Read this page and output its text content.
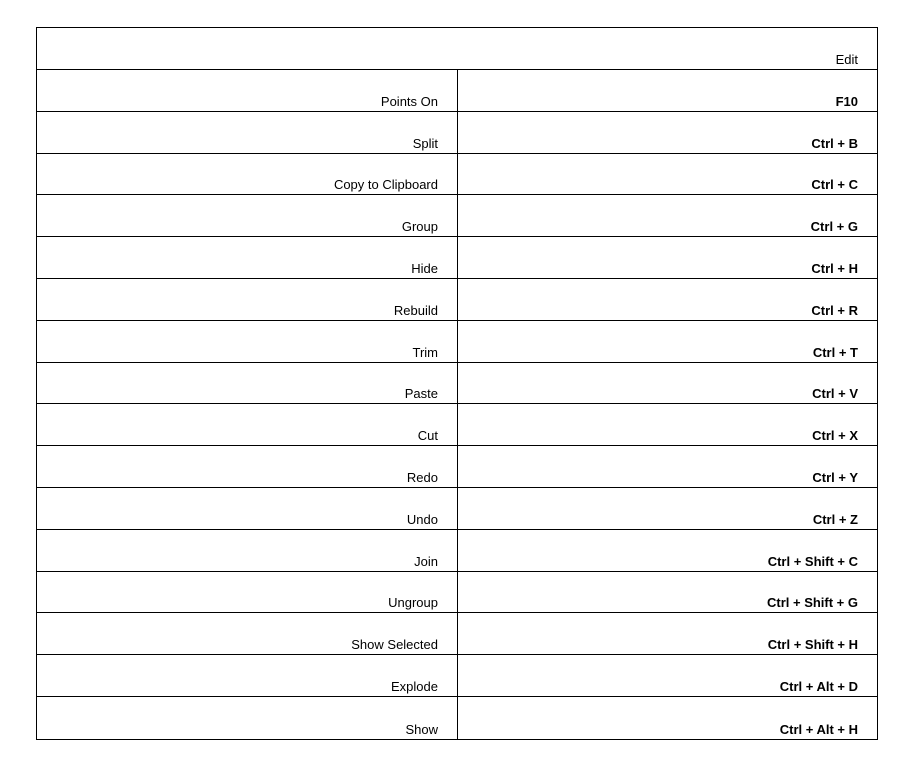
Edit
Points On	F10
Split	Ctrl + B
Copy to Clipboard	Ctrl + C
Group	Ctrl + G
Hide	Ctrl + H
Rebuild	Ctrl + R
Trim	Ctrl + T
Paste	Ctrl + V
Cut	Ctrl + X
Redo	Ctrl + Y
Undo	Ctrl + Z
Join	Ctrl + Shift + C
Ungroup	Ctrl + Shift + G
Show Selected	Ctrl + Shift + H
Explode	Ctrl + Alt + D
Show	Ctrl + Alt + H
